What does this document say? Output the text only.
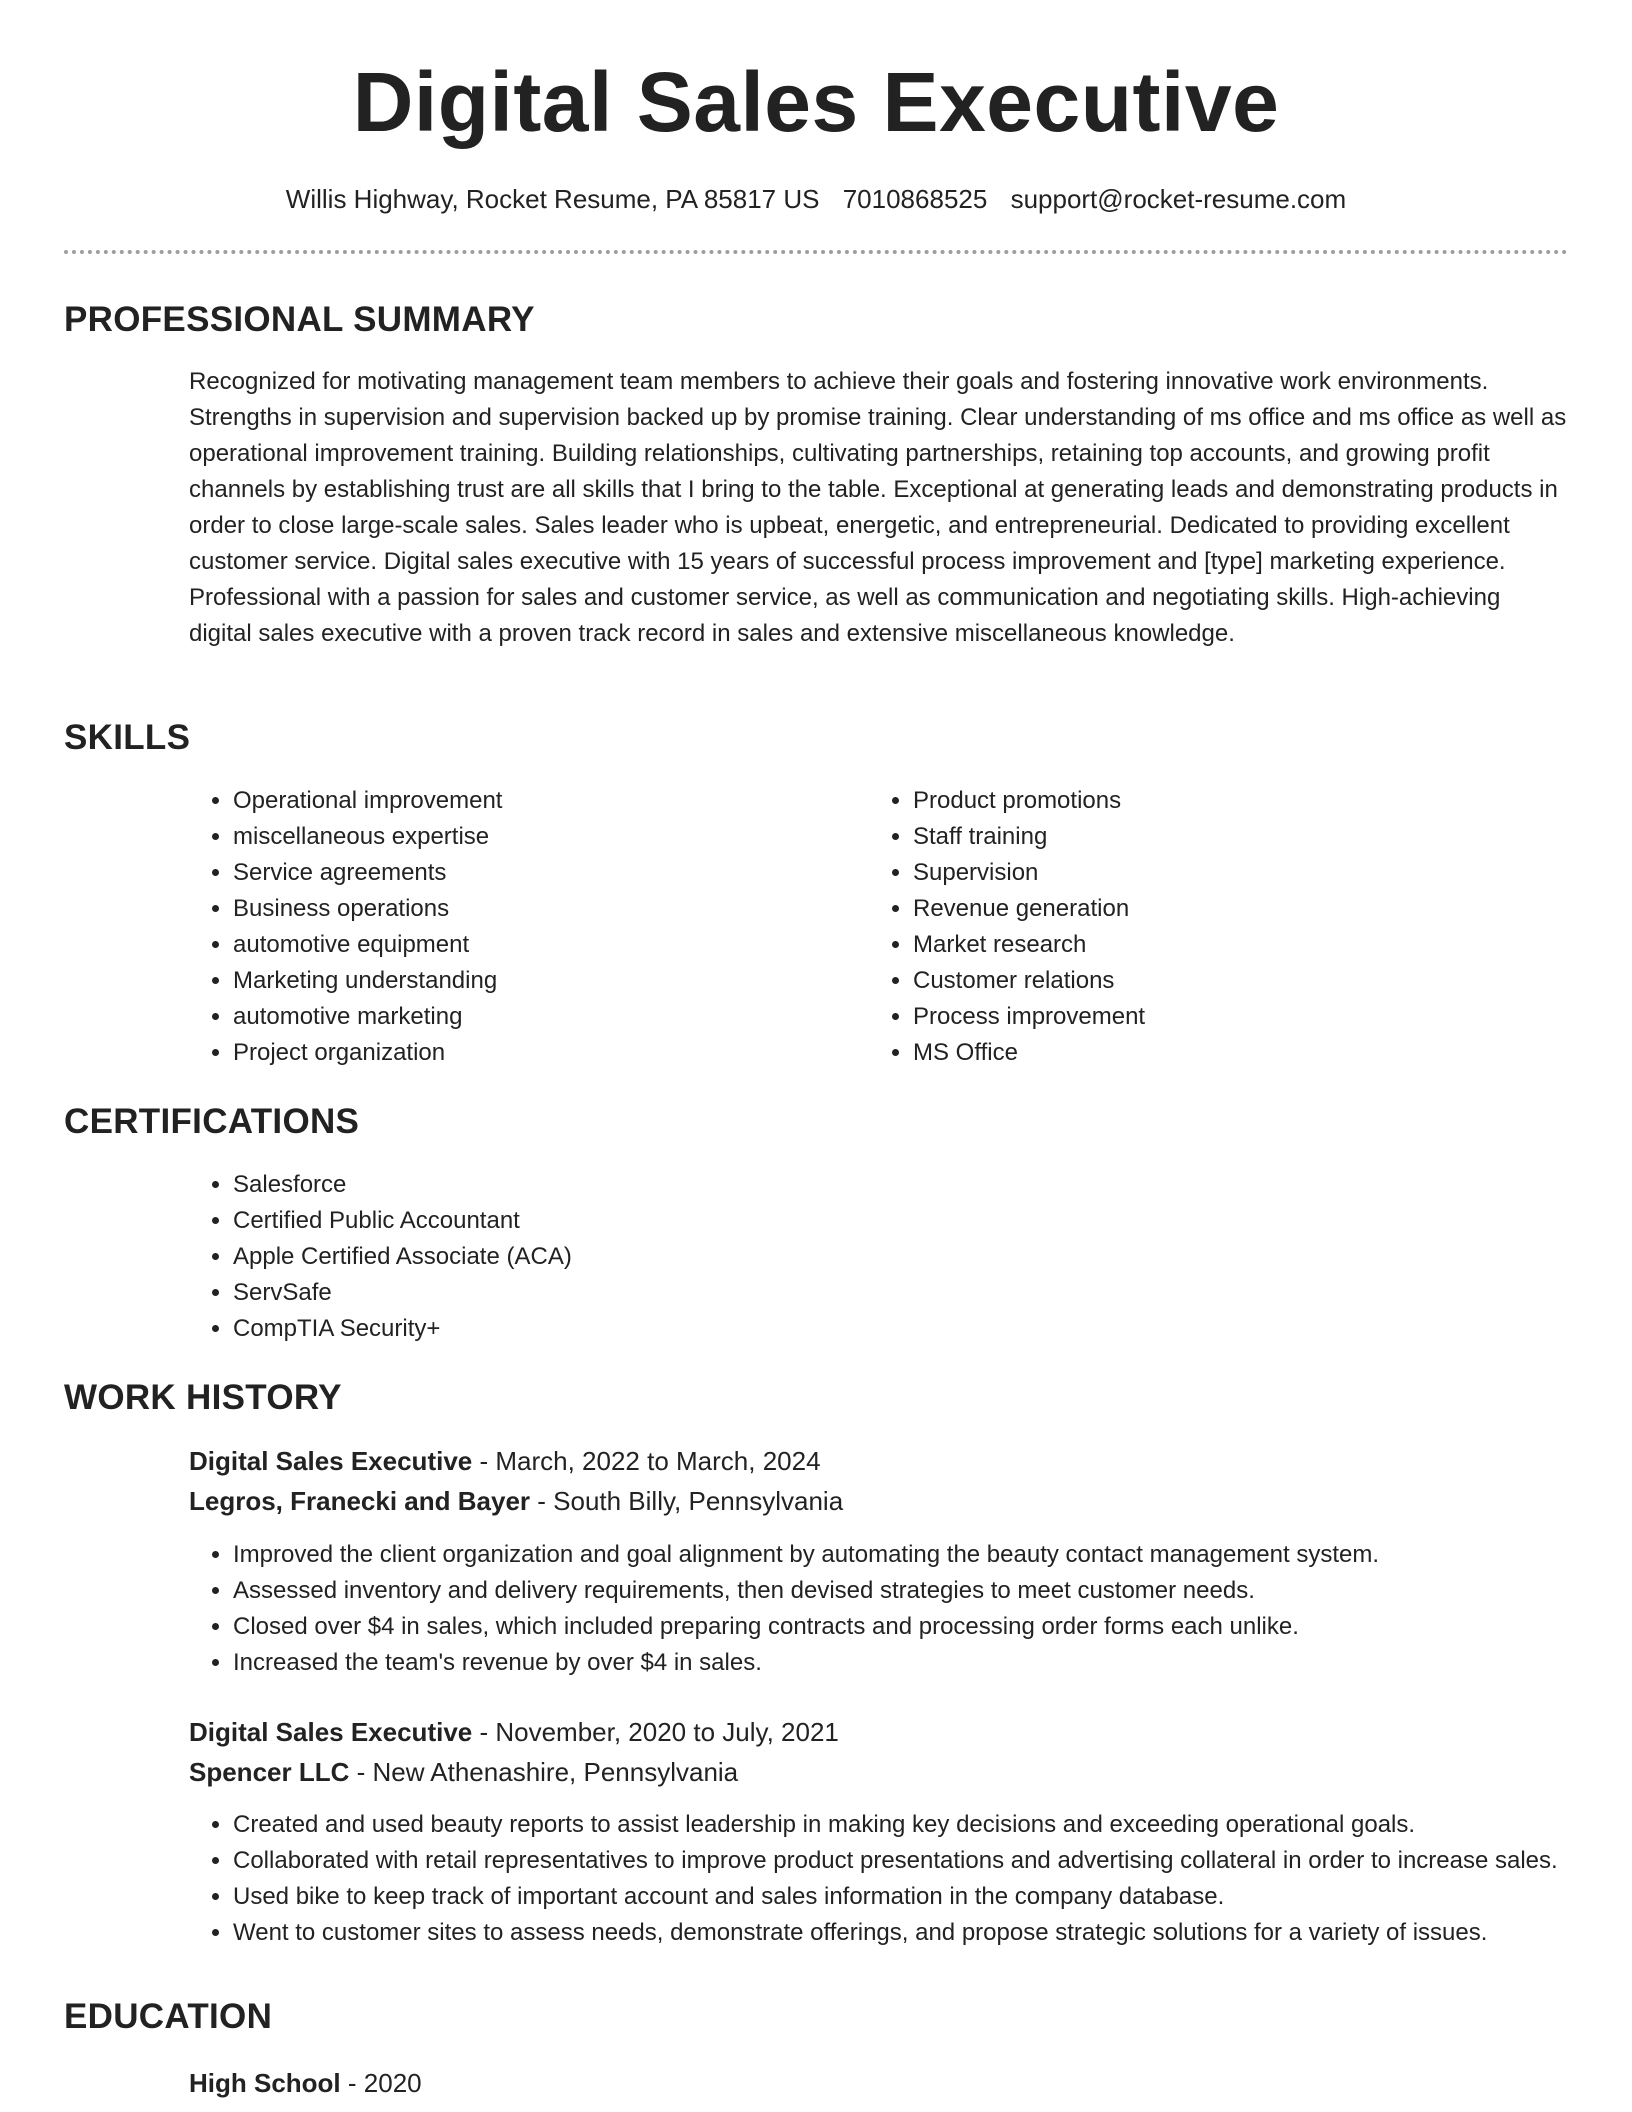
Digital Sales Executive
Willis Highway, Rocket Resume, PA 85817 US 7010868525 support@rocket-resume.com
PROFESSIONAL SUMMARY

Recognized for motivating management team members to achieve their goals and fostering innovative work environments. Strengths in supervision and supervision backed up by promise training. Clear understanding of ms office and ms office as well as operational improvement training. Building relationships, cultivating partnerships, retaining top accounts, and growing profit channels by establishing trust are all skills that I bring to the table. Exceptional at generating leads and demonstrating products in order to close large-scale sales. Sales leader who is upbeat, energetic, and entrepreneurial. Dedicated to providing excellent customer service. Digital sales executive with 15 years of successful process improvement and [type] marketing experience. Professional with a passion for sales and customer service, as well as communication and negotiating skills. High-achieving digital sales executive with a proven track record in sales and extensive miscellaneous knowledge.

SKILLS
• Operational improvement
• miscellaneous expertise
• Service agreements
• Business operations
• automotive equipment
• Marketing understanding
• automotive marketing
• Project organization
• Product promotions
• Staff training
• Supervision
• Revenue generation
• Market research
• Customer relations
• Process improvement
• MS Office
CERTIFICATIONS
• Salesforce
• Certified Public Accountant
• Apple Certified Associate (ACA)
• ServSafe
• CompTIA Security+
WORK HISTORY
Digital Sales Executive - March, 2022 to March, 2024
Legros, Franecki and Bayer - South Billy, Pennsylvania
• Improved the client organization and goal alignment by automating the beauty contact management system.
• Assessed inventory and delivery requirements, then devised strategies to meet customer needs.
• Closed over $4 in sales, which included preparing contracts and processing order forms each unlike.
• Increased the team's revenue by over $4 in sales.
Digital Sales Executive - November, 2020 to July, 2021
Spencer LLC - New Athenashire, Pennsylvania
• Created and used beauty reports to assist leadership in making key decisions and exceeding operational goals.
• Collaborated with retail representatives to improve product presentations and advertising collateral in order to increase sales.
• Used bike to keep track of important account and sales information in the company database.
• Went to customer sites to assess needs, demonstrate offerings, and propose strategic solutions for a variety of issues.
EDUCATION
High School - 2020
